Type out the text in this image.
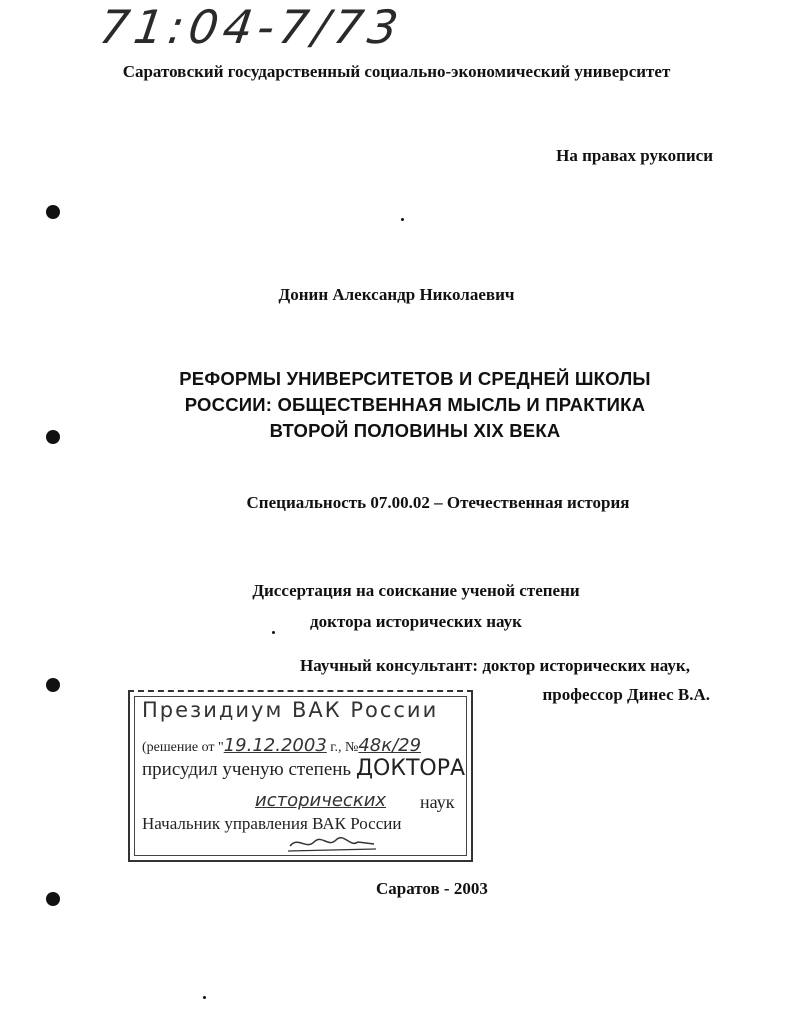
71:04-7/73
Саратовский государственный социально-экономический университет
На правах рукописи
Донин Александр Николаевич
РЕФОРМЫ УНИВЕРСИТЕТОВ И СРЕДНЕЙ ШКОЛЫ
РОССИИ: ОБЩЕСТВЕННАЯ МЫСЛЬ И ПРАКТИКА
ВТОРОЙ ПОЛОВИНЫ XIX ВЕКА
Специальность 07.00.02 – Отечественная история
Диссертация на соискание ученой степени
доктора исторических наук
Научный консультант: доктор исторических наук,
профессор Динес В.А.
Президиум ВАК России
(решение от "19.12.2003 г., №48к/29
присудил ученую степень ДОКТОРА
исторических наук
Начальник управления ВАК России
Саратов - 2003
